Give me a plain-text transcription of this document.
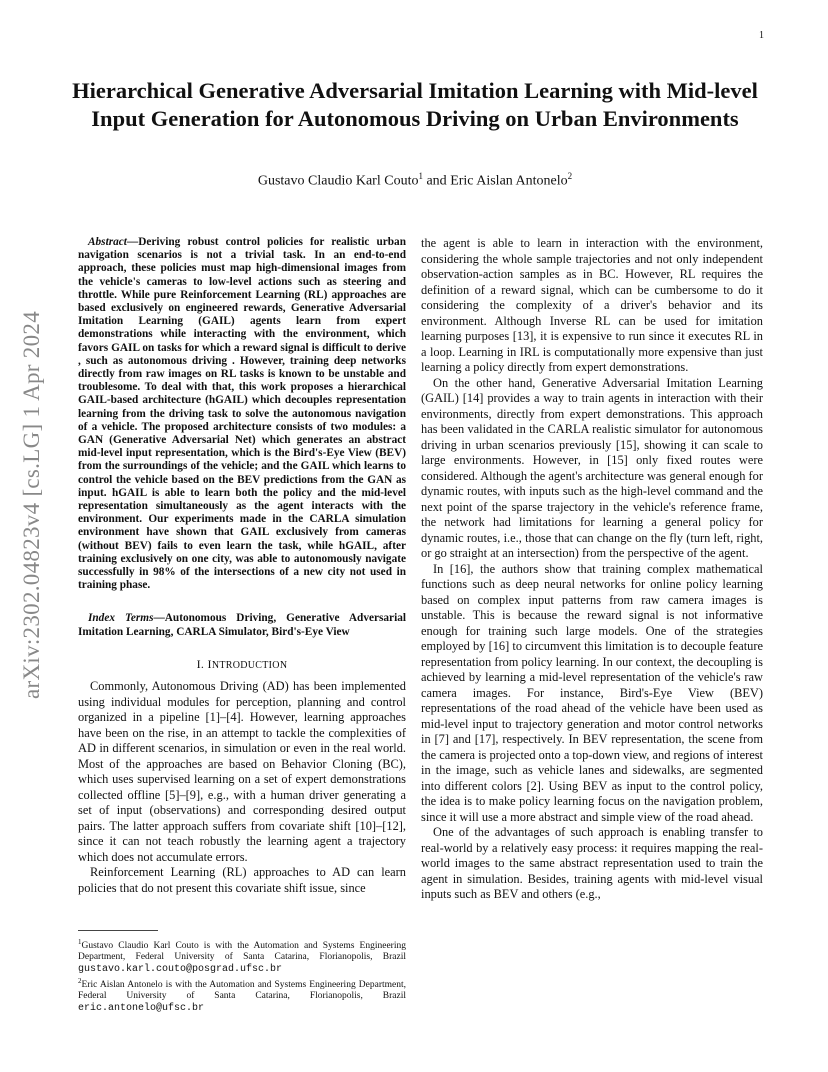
1
arXiv:2302.04823v4 [cs.LG] 1 Apr 2024
Hierarchical Generative Adversarial Imitation Learning with Mid-level Input Generation for Autonomous Driving on Urban Environments
Gustavo Claudio Karl Couto$^1$ and Eric Aislan Antonelo$^2$

Abstract—Deriving robust control policies for realistic urban navigation scenarios is not a trivial task. In an end-to-end approach, these policies must map high-dimensional images from the vehicle's cameras to low-level actions such as steering and throttle. While pure Reinforcement Learning (RL) approaches are based exclusively on engineered rewards, Generative Adversarial Imitation Learning (GAIL) agents learn from expert demonstrations while interacting with the environment, which favors GAIL on tasks for which a reward signal is difficult to derive , such as autonomous driving . However, training deep networks directly from raw images on RL tasks is known to be unstable and troublesome. To deal with that, this work proposes a hierarchical GAIL-based architecture (hGAIL) which decouples representation learning from the driving task to solve the autonomous navigation of a vehicle. The proposed architecture consists of two modules: a GAN (Generative Adversarial Net) which generates an abstract mid-level input representation, which is the Bird's-Eye View (BEV) from the surroundings of the vehicle; and the GAIL which learns to control the vehicle based on the BEV predictions from the GAN as input. hGAIL is able to learn both the policy and the mid-level representation simultaneously as the agent interacts with the environment. Our experiments made in the CARLA simulation environment have shown that GAIL exclusively from cameras (without BEV) fails to even learn the task, while hGAIL, after training exclusively on one city, was able to autonomously navigate successfully in 98% of the intersections of a new city not used in training phase.

Index Terms—Autonomous Driving, Generative Adversarial Imitation Learning, CARLA Simulator, Bird's-Eye View

I. INTRODUCTION

Commonly, Autonomous Driving (AD) has been implemented using individual modules for perception, planning and control organized in a pipeline [1]–[4]. However, learning approaches have been on the rise, in an attempt to tackle the complexities of AD in different scenarios, in simulation or even in the real world. Most of the approaches are based on Behavior Cloning (BC), which uses supervised learning on a set of expert demonstrations collected offline [5]–[9], e.g., with a human driver generating a set of input (observations) and corresponding desired output pairs. The latter approach suffers from covariate shift [10]–[12], since it can not teach robustly the learning agent a trajectory which does not accumulate errors.

Reinforcement Learning (RL) approaches to AD can learn policies that do not present this covariate shift issue, since

$^1$Gustavo Claudio Karl Couto is with the Automation and Systems Engineering Department, Federal University of Santa Catarina, Florianopolis, Brazil gustavo.karl.couto@posgrad.ufsc.br

$^2$Eric Aislan Antonelo is with the Automation and Systems Engineering Department, Federal University of Santa Catarina, Florianopolis, Brazil eric.antonelo@ufsc.br

the agent is able to learn in interaction with the environment, considering the whole sample trajectories and not only independent observation-action samples as in BC. However, RL requires the definition of a reward signal, which can be cumbersome to do it considering the complexity of a driver's behavior and its environment. Although Inverse RL can be used for imitation learning purposes [13], it is expensive to run since it executes RL in a loop. Learning in IRL is computationally more expensive than just learning a policy directly from expert demonstrations.

On the other hand, Generative Adversarial Imitation Learning (GAIL) [14] provides a way to train agents in interaction with their environments, directly from expert demonstrations. This approach has been validated in the CARLA realistic simulator for autonomous driving in urban scenarios previously [15], showing it can scale to large environments. However, in [15] only fixed routes were considered. Although the agent's architecture was general enough for dynamic routes, with inputs such as the high-level command and the next point of the sparse trajectory in the vehicle's reference frame, the network had limitations for learning a general policy for dynamic routes, i.e., those that can change on the fly (turn left, right, or go straight at an intersection) from the perspective of the agent.

In [16], the authors show that training complex mathematical functions such as deep neural networks for online policy learning based on complex input patterns from raw camera images is unstable. This is because the reward signal is not informative enough for training such large models. One of the strategies employed by [16] to circumvent this limitation is to decouple feature representation from policy learning. In our context, the decoupling is achieved by learning a mid-level representation of the vehicle's raw camera images. For instance, Bird's-Eye View (BEV) representations of the road ahead of the vehicle have been used as mid-level input to trajectory generation and motor control networks in [7] and [17], respectively. In BEV representation, the scene from the camera is projected onto a top-down view, and regions of interest in the image, such as vehicle lanes and sidewalks, are segmented into different colors [2]. Using BEV as input to the control policy, the idea is to make policy learning focus on the navigation problem, since it will use a more abstract and simple view of the road ahead.

One of the advantages of such approach is enabling transfer to real-world by a relatively easy process: it requires mapping the real-world images to the same abstract representation used to train the agent in simulation. Besides, training agents with mid-level visual inputs such as BEV and others (e.g.,
